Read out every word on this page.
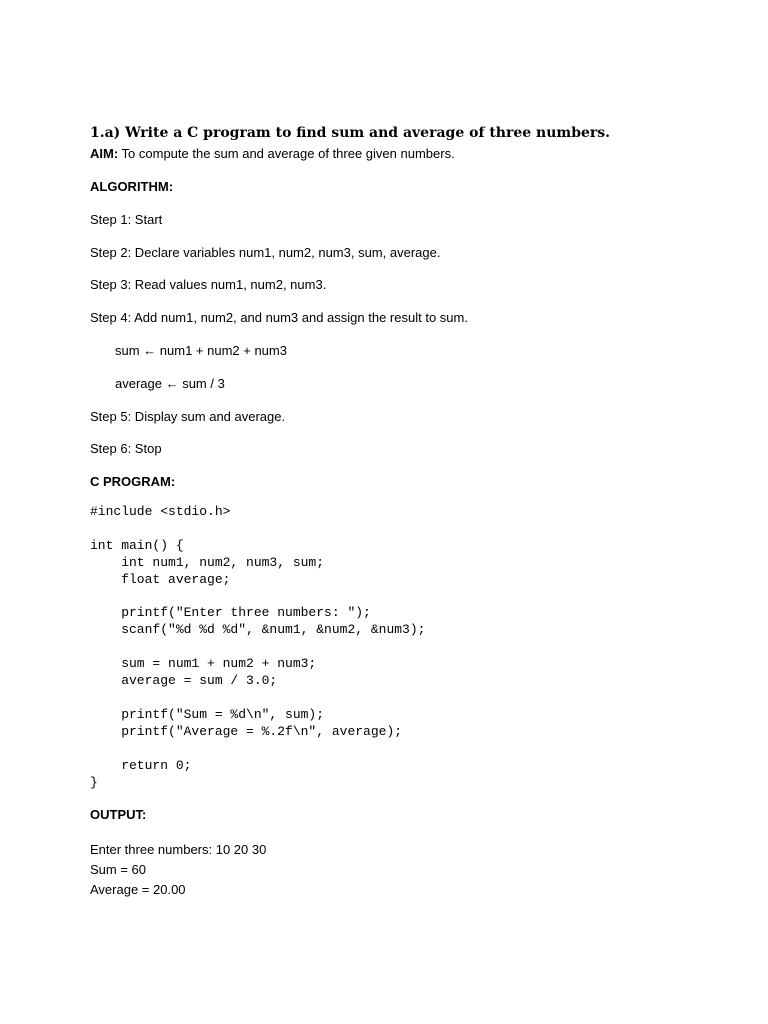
1.a) Write a C program to find sum and average of three numbers.
AIM: To compute the sum and average of three given numbers.
ALGORITHM:
Step 1: Start
Step 2: Declare variables num1, num2, num3, sum, average.
Step 3: Read values num1, num2, num3.
Step 4: Add num1, num2, and num3 and assign the result to sum.
sum ← num1 + num2 + num3
average ← sum / 3
Step 5: Display sum and average.
Step 6: Stop
C PROGRAM:
#include <stdio.h>

int main() {
int num1, num2, num3, sum;
float average;

printf("Enter three numbers: ");
scanf("%d %d %d", &num1, &num2, &num3);

sum = num1 + num2 + num3;
average = sum / 3.0;

printf("Sum = %d\n", sum);
printf("Average = %.2f\n", average);

return 0;
}
OUTPUT:
Enter three numbers: 10 20 30
Sum = 60
Average = 20.00
